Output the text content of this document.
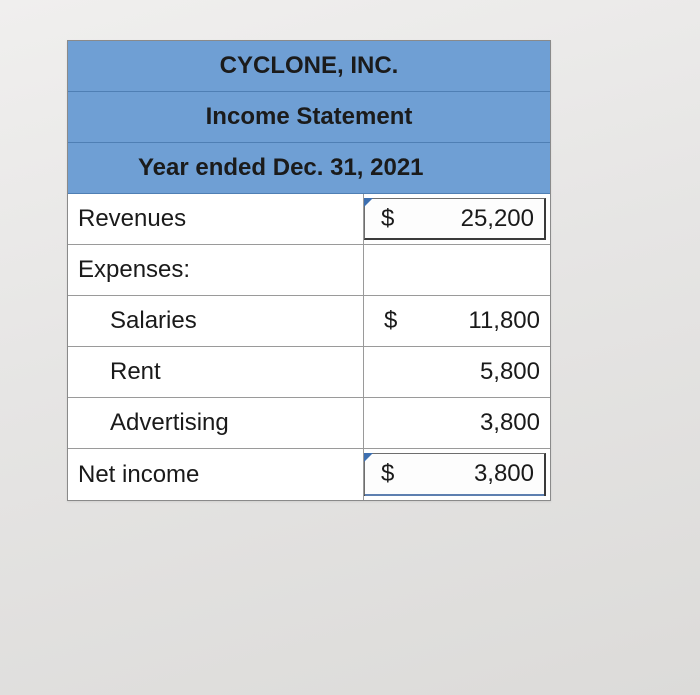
CYCLONE, INC.
Income Statement
Year ended Dec. 31, 2021
Revenues	$	25,200
Expenses:
Salaries	$	11,800
Rent	5,800
Advertising	3,800
Net income	$	3,800
